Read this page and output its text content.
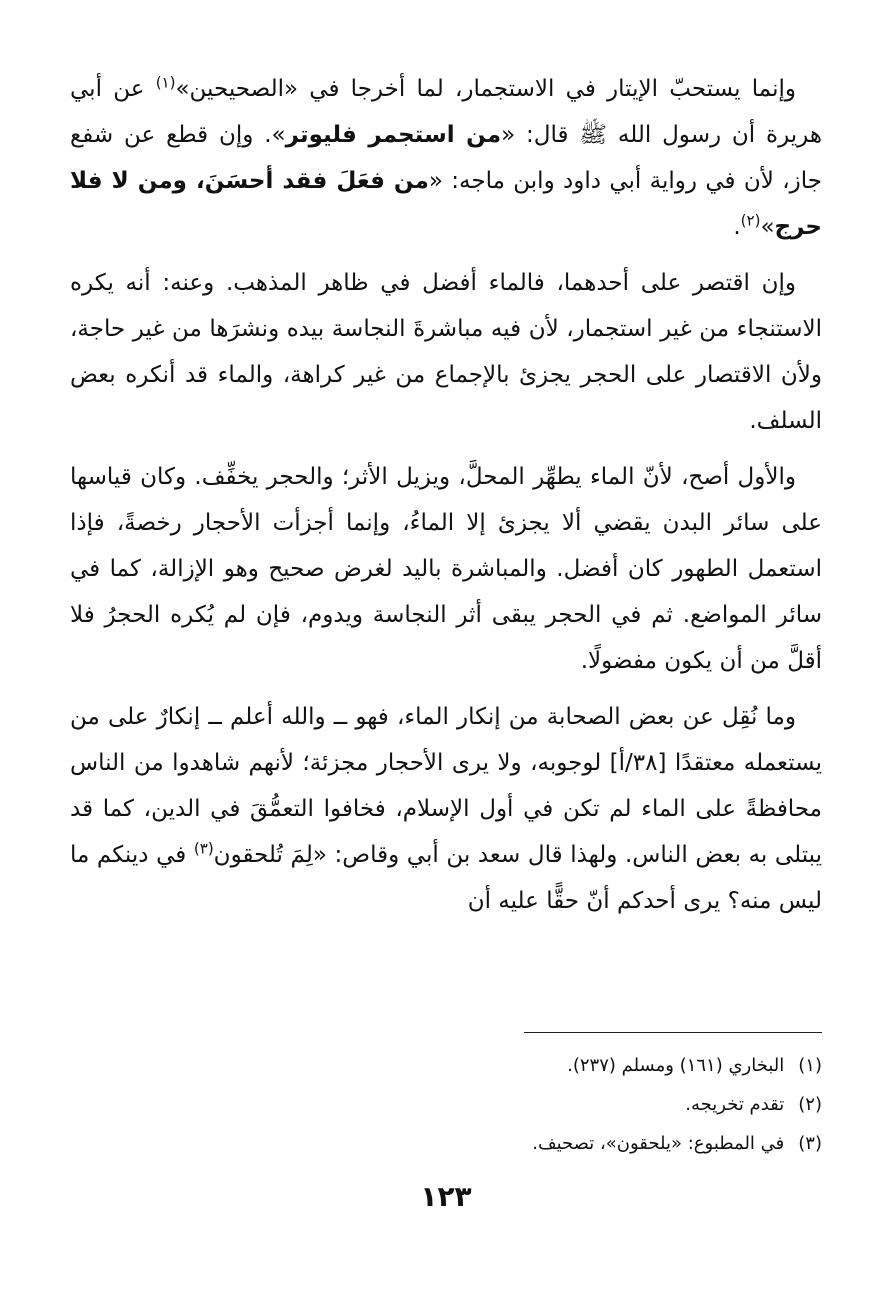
وإنما يستحبّ الإيتار في الاستجمار، لما أخرجا في «الصحيحين»$^{(١)}$ عن أبي هريرة أن رسول الله ﷺ قال: «من استجمر فليوتر». وإن قطع عن شفع جاز، لأن في رواية أبي داود وابن ماجه: «من فعَلَ فقد أحسَنَ، ومن لا فلا حرج»$^{(٢)}$.

وإن اقتصر على أحدهما، فالماء أفضل في ظاهر المذهب. وعنه: أنه يكره الاستنجاء من غير استجمار، لأن فيه مباشرةَ النجاسة بيده ونشرَها من غير حاجة، ولأن الاقتصار على الحجر يجزئ بالإجماع من غير كراهة، والماء قد أنكره بعض السلف.

والأول أصح، لأنّ الماء يطهِّر المحلَّ، ويزيل الأثر؛ والحجر يخفِّف. وكان قياسها على سائر البدن يقضي ألا يجزئ إلا الماءُ، وإنما أجزأت الأحجار رخصةً، فإذا استعمل الطهور كان أفضل. والمباشرة باليد لغرض صحيح وهو الإزالة، كما في سائر المواضع. ثم في الحجر يبقى أثر النجاسة ويدوم، فإن لم يُكره الحجرُ فلا أقلَّ من أن يكون مفضولًا.

وما نُقِل عن بعض الصحابة من إنكار الماء، فهو ــ والله أعلم ــ إنكارٌ على من يستعمله معتقدًا [٣٨/أ] لوجوبه، ولا يرى الأحجار مجزئة؛ لأنهم شاهدوا من الناس محافظةً على الماء لم تكن في أول الإسلام، فخافوا التعمُّقَ في الدين، كما قد يبتلى به بعض الناس. ولهذا قال سعد بن أبي وقاص: «لِمَ تُلحقون$^{(٣)}$ في دينكم ما ليس منه؟ يرى أحدكم أنّ حقًّا عليه أن

(١)البخاري (١٦١) ومسلم (٢٣٧).

(٢)تقدم تخريجه.

(٣)في المطبوع: «يلحقون»، تصحيف.

١٢٣
